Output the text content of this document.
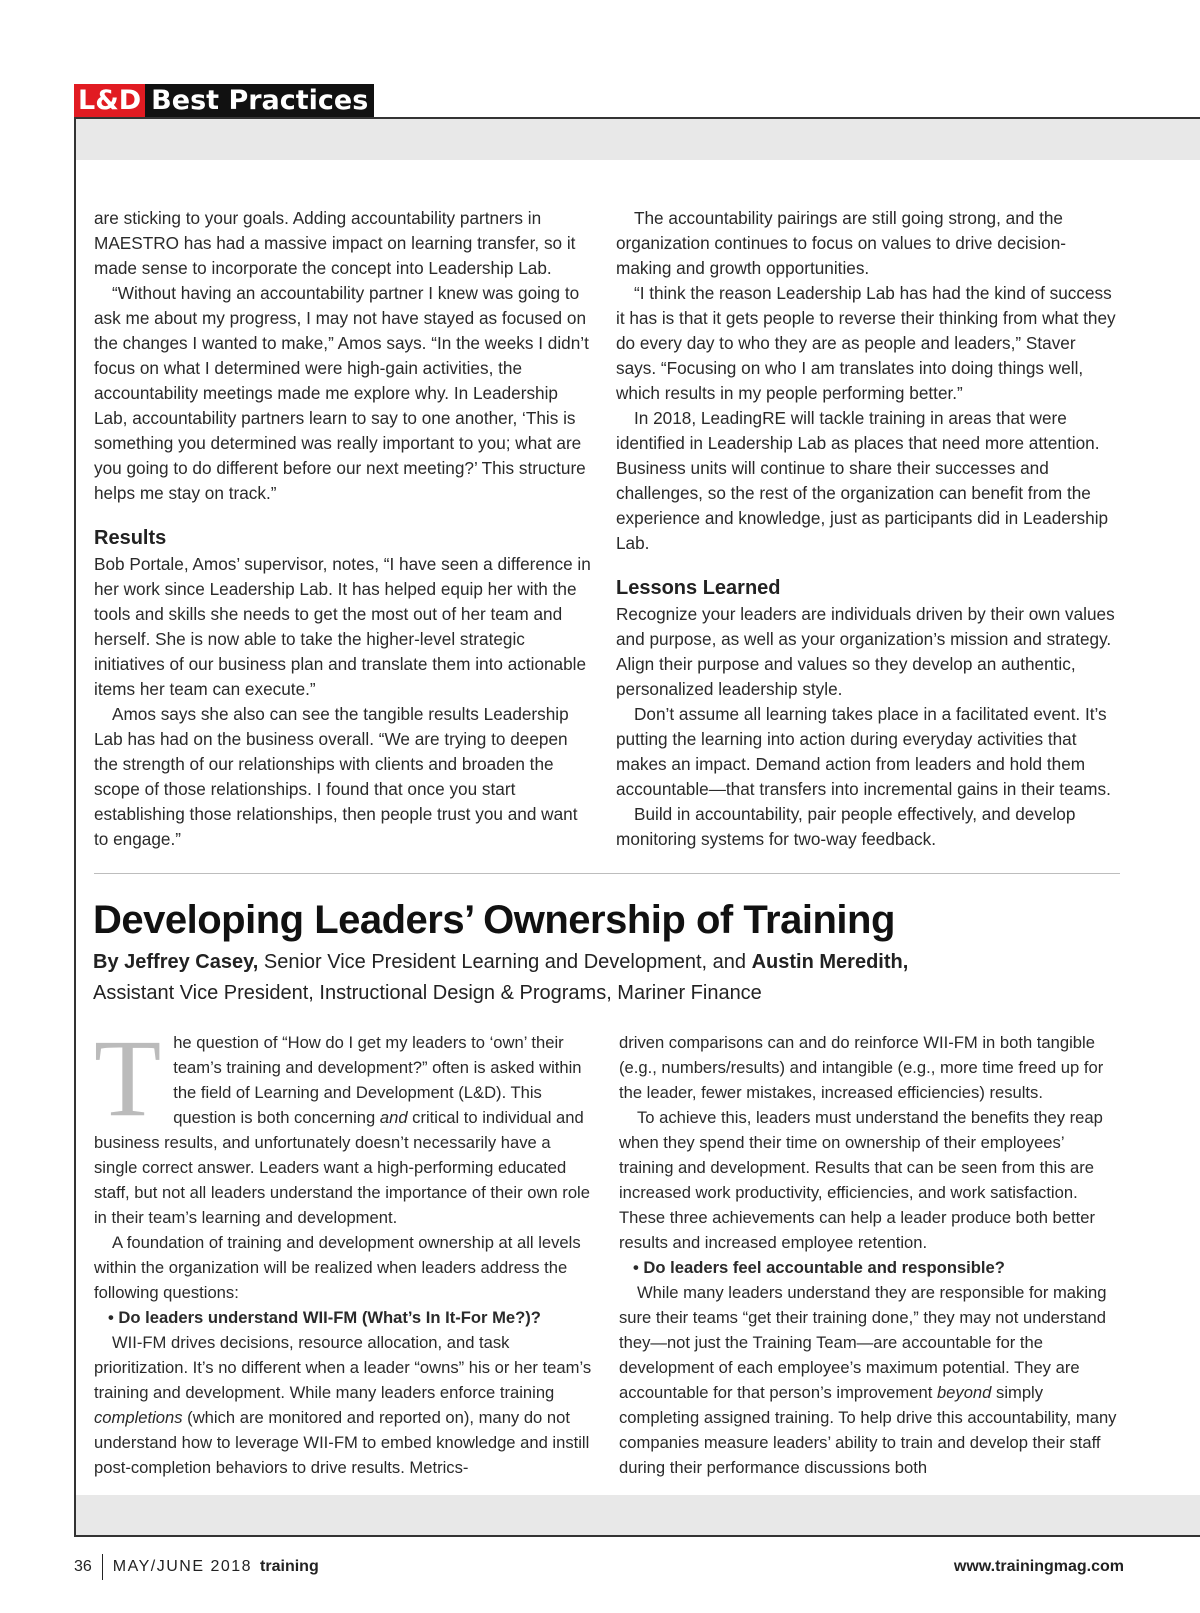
L&D Best Practices

are sticking to your goals. Adding accountability partners in MAESTRO has had a massive impact on learning transfer, so it made sense to incorporate the concept into Leadership Lab.

“Without having an accountability partner I knew was going to ask me about my progress, I may not have stayed as focused on the changes I wanted to make,” Amos says. “In the weeks I didn’t focus on what I determined were high-gain activities, the accountability meetings made me explore why. In Leadership Lab, accountability partners learn to say to one another, ‘This is something you determined was really important to you; what are you going to do different before our next meeting?’ This structure helps me stay on track.”

Results

Bob Portale, Amos’ supervisor, notes, “I have seen a difference in her work since Leadership Lab. It has helped equip her with the tools and skills she needs to get the most out of her team and herself. She is now able to take the higher-level strategic initiatives of our business plan and translate them into actionable items her team can execute.”

Amos says she also can see the tangible results Leadership Lab has had on the business overall. “We are trying to deepen the strength of our relationships with clients and broaden the scope of those relationships. I found that once you start establishing those relationships, then people trust you and want to engage.”

The accountability pairings are still going strong, and the organization continues to focus on values to drive decision-making and growth opportunities.

“I think the reason Leadership Lab has had the kind of success it has is that it gets people to reverse their thinking from what they do every day to who they are as people and leaders,” Staver says. “Focusing on who I am translates into doing things well, which results in my people performing better.”

In 2018, LeadingRE will tackle training in areas that were identified in Leadership Lab as places that need more attention. Business units will continue to share their successes and challenges, so the rest of the organization can benefit from the experience and knowledge, just as participants did in Leadership Lab.

Lessons Learned

Recognize your leaders are individuals driven by their own values and purpose, as well as your organization’s mission and strategy. Align their purpose and values so they develop an authentic, personalized leadership style.

Don’t assume all learning takes place in a facilitated event. It’s putting the learning into action during everyday activities that makes an impact. Demand action from leaders and hold them accountable—that transfers into incremental gains in their teams.

Build in accountability, pair people effectively, and develop monitoring systems for two-way feedback.

Developing Leaders’ Ownership of Training
By Jeffrey Casey, Senior Vice President Learning and Development, and Austin Meredith,
Assistant Vice President, Instructional Design & Programs, Mariner Finance

The question of “How do I get my leaders to ‘own’ their team’s training and development?” often is asked within the field of Learning and Development (L&D). This question is both concerning and critical to individual and business results, and unfortunately doesn’t necessarily have a single correct answer. Leaders want a high-performing educated staff, but not all leaders understand the importance of their own role in their team’s learning and development.

A foundation of training and development ownership at all levels within the organization will be realized when leaders address the following questions:

• Do leaders understand WII-FM (What’s In It-For Me?)?

WII-FM drives decisions, resource allocation, and task prioritization. It’s no different when a leader “owns” his or her team’s training and development. While many leaders enforce training completions (which are monitored and reported on), many do not understand how to leverage WII-FM to embed knowledge and instill post-completion behaviors to drive results. Metrics-

driven comparisons can and do reinforce WII-FM in both tangible (e.g., numbers/results) and intangible (e.g., more time freed up for the leader, fewer mistakes, increased efficiencies) results.

To achieve this, leaders must understand the benefits they reap when they spend their time on ownership of their employees’ training and development. Results that can be seen from this are increased work productivity, efficiencies, and work satisfaction. These three achievements can help a leader produce both better results and increased employee retention.

• Do leaders feel accountable and responsible?

While many leaders understand they are responsible for making sure their teams “get their training done,” they may not understand they—not just the Training Team—are accountable for the development of each employee’s maximum potential. They are accountable for that person’s improvement beyond simply completing assigned training. To help drive this accountability, many companies measure leaders’ ability to train and develop their staff during their performance discussions both

36 MAY/JUNE 2018 training	www.trainingmag.com
